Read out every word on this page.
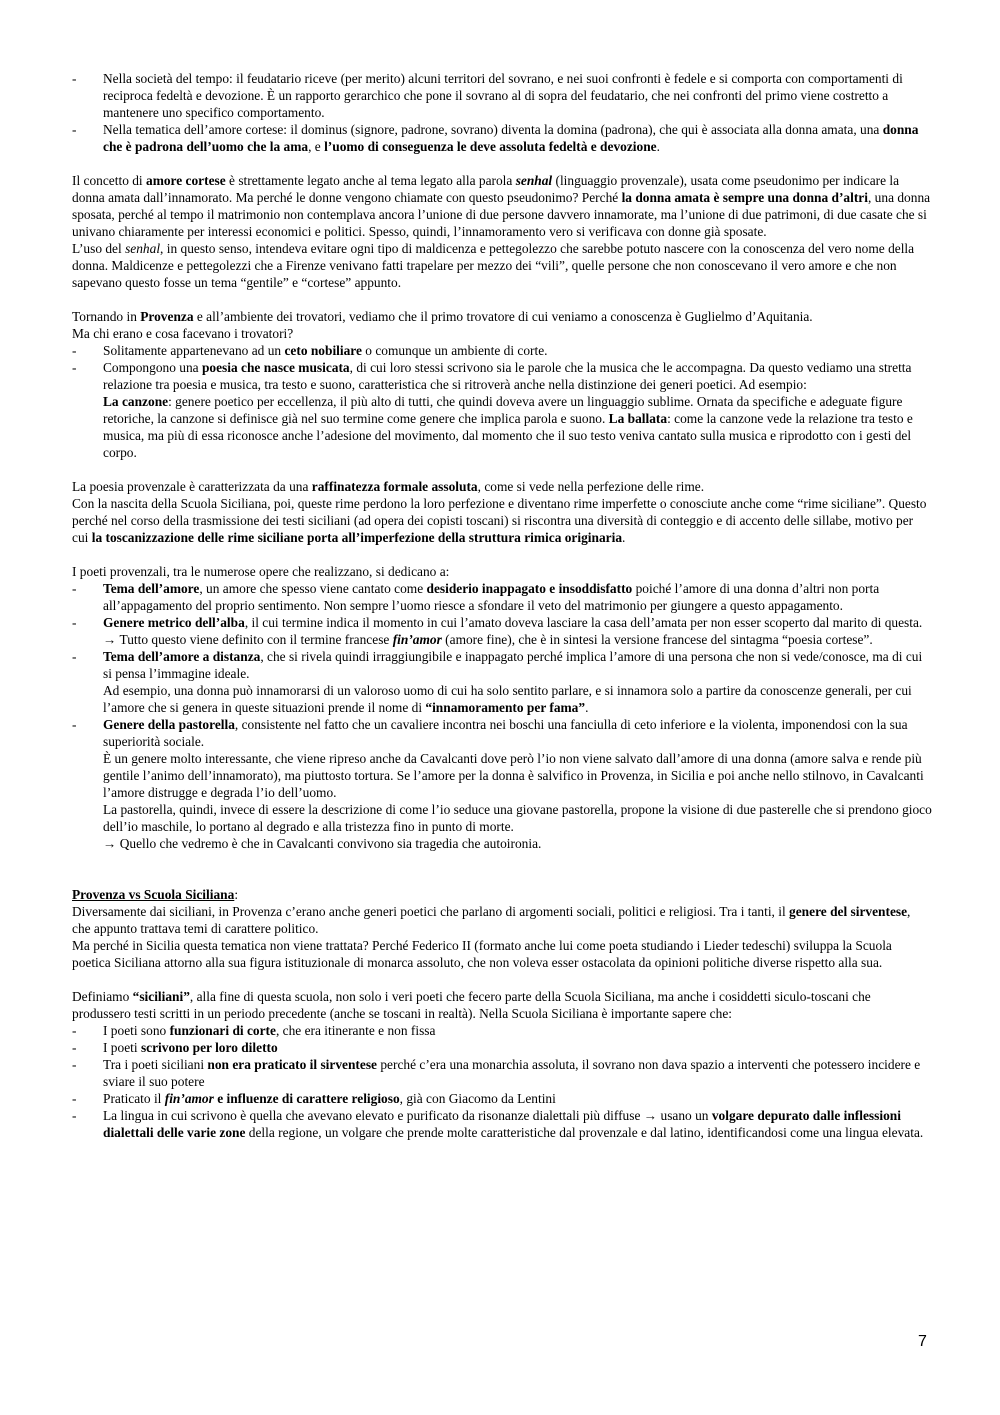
- Nella società del tempo: il feudatario riceve (per merito) alcuni territori del sovrano, e nei suoi confronti è fedele e si comporta con comportamenti di reciproca fedeltà e devozione. È un rapporto gerarchico che pone il sovrano al di sopra del feudatario, che nei confronti del primo viene costretto a mantenere uno specifico comportamento.
- Nella tematica dell’amore cortese: il dominus (signore, padrone, sovrano) diventa la domina (padrona), che qui è associata alla donna amata, una donna che è padrona dell’uomo che la ama, e l’uomo di conseguenza le deve assoluta fedeltà e devozione.

Il concetto di amore cortese è strettamente legato anche al tema legato alla parola senhal (linguaggio provenzale), usata come pseudonimo per indicare la donna amata dall’innamorato. Ma perché le donne vengono chiamate con questo pseudonimo? Perché la donna amata è sempre una donna d’altri, una donna sposata, perché al tempo il matrimonio non contemplava ancora l’unione di due persone davvero innamorate, ma l’unione di due patrimoni, di due casate che si univano chiaramente per interessi economici e politici. Spesso, quindi, l’innamoramento vero si verificava con donne già sposate.

L’uso del senhal, in questo senso, intendeva evitare ogni tipo di maldicenza e pettegolezzo che sarebbe potuto nascere con la conoscenza del vero nome della donna. Maldicenze e pettegolezzi che a Firenze venivano fatti trapelare per mezzo dei “vili”, quelle persone che non conoscevano il vero amore e che non sapevano questo fosse un tema “gentile” e “cortese” appunto.

Tornando in Provenza e all’ambiente dei trovatori, vediamo che il primo trovatore di cui veniamo a conoscenza è Guglielmo d’Aquitania.

Ma chi erano e cosa facevano i trovatori?

- Solitamente appartenevano ad un ceto nobiliare o comunque un ambiente di corte.
- Compongono una poesia che nasce musicata, di cui loro stessi scrivono sia le parole che la musica che le accompagna. Da questo vediamo una stretta relazione tra poesia e musica, tra testo e suono, caratteristica che si ritroverà anche nella distinzione dei generi poetici. Ad esempio:
La canzone: genere poetico per eccellenza, il più alto di tutti, che quindi doveva avere un linguaggio sublime. Ornata da specifiche e adeguate figure retoriche, la canzone si definisce già nel suo termine come genere che implica parola e suono. La ballata: come la canzone vede la relazione tra testo e musica, ma più di essa riconosce anche l’adesione del movimento, dal momento che il suo testo veniva cantato sulla musica e riprodotto con i gesti del corpo.

La poesia provenzale è caratterizzata da una raffinatezza formale assoluta, come si vede nella perfezione delle rime.

Con la nascita della Scuola Siciliana, poi, queste rime perdono la loro perfezione e diventano rime imperfette o conosciute anche come “rime siciliane”. Questo perché nel corso della trasmissione dei testi siciliani (ad opera dei copisti toscani) si riscontra una diversità di conteggio e di accento delle sillabe, motivo per cui la toscanizzazione delle rime siciliane porta all’imperfezione della struttura rimica originaria.

I poeti provenzali, tra le numerose opere che realizzano, si dedicano a:

- Tema dell’amore, un amore che spesso viene cantato come desiderio inappagato e insoddisfatto poiché l’amore di una donna d’altri non porta all’appagamento del proprio sentimento. Non sempre l’uomo riesce a sfondare il veto del matrimonio per giungere a questo appagamento.
- Genere metrico dell’alba, il cui termine indica il momento in cui l’amato doveva lasciare la casa dell’amata per non esser scoperto dal marito di questa.
→ Tutto questo viene definito con il termine francese fin’amor (amore fine), che è in sintesi la versione francese del sintagma “poesia cortese”.
- Tema dell’amore a distanza, che si rivela quindi irraggiungibile e inappagato perché implica l’amore di una persona che non si vede/conosce, ma di cui si pensa l’immagine ideale.
Ad esempio, una donna può innamorarsi di un valoroso uomo di cui ha solo sentito parlare, e si innamora solo a partire da conoscenze generali, per cui l’amore che si genera in queste situazioni prende il nome di “innamoramento per fama”.
- Genere della pastorella, consistente nel fatto che un cavaliere incontra nei boschi una fanciulla di ceto inferiore e la violenta, imponendosi con la sua superiorità sociale.
È un genere molto interessante, che viene ripreso anche da Cavalcanti dove però l’io non viene salvato dall’amore di una donna (amore salva e rende più gentile l’animo dell’innamorato), ma piuttosto tortura. Se l’amore per la donna è salvifico in Provenza, in Sicilia e poi anche nello stilnovo, in Cavalcanti l’amore distrugge e degrada l’io dell’uomo.
La pastorella, quindi, invece di essere la descrizione di come l’io seduce una giovane pastorella, propone la visione di due pasterelle che si prendono gioco dell’io maschile, lo portano al degrado e alla tristezza fino in punto di morte.
→ Quello che vedremo è che in Cavalcanti convivono sia tragedia che autoironia.

Provenza vs Scuola Siciliana:

Diversamente dai siciliani, in Provenza c’erano anche generi poetici che parlano di argomenti sociali, politici e religiosi. Tra i tanti, il genere del sirventese, che appunto trattava temi di carattere politico.

Ma perché in Sicilia questa tematica non viene trattata? Perché Federico II (formato anche lui come poeta studiando i Lieder tedeschi) sviluppa la Scuola poetica Siciliana attorno alla sua figura istituzionale di monarca assoluto, che non voleva esser ostacolata da opinioni politiche diverse rispetto alla sua.

Definiamo “siciliani”, alla fine di questa scuola, non solo i veri poeti che fecero parte della Scuola Siciliana, ma anche i cosiddetti siculo-toscani che produssero testi scritti in un periodo precedente (anche se toscani in realtà). Nella Scuola Siciliana è importante sapere che:

- I poeti sono funzionari di corte, che era itinerante e non fissa
- I poeti scrivono per loro diletto
- Tra i poeti siciliani non era praticato il sirventese perché c’era una monarchia assoluta, il sovrano non dava spazio a interventi che potessero incidere e sviare il suo potere
- Praticato il fin’amor e influenze di carattere religioso, già con Giacomo da Lentini
- La lingua in cui scrivono è quella che avevano elevato e purificato da risonanze dialettali più diffuse → usano un volgare depurato dalle inflessioni dialettali delle varie zone della regione, un volgare che prende molte caratteristiche dal provenzale e dal latino, identificandosi come una lingua elevata.
7
